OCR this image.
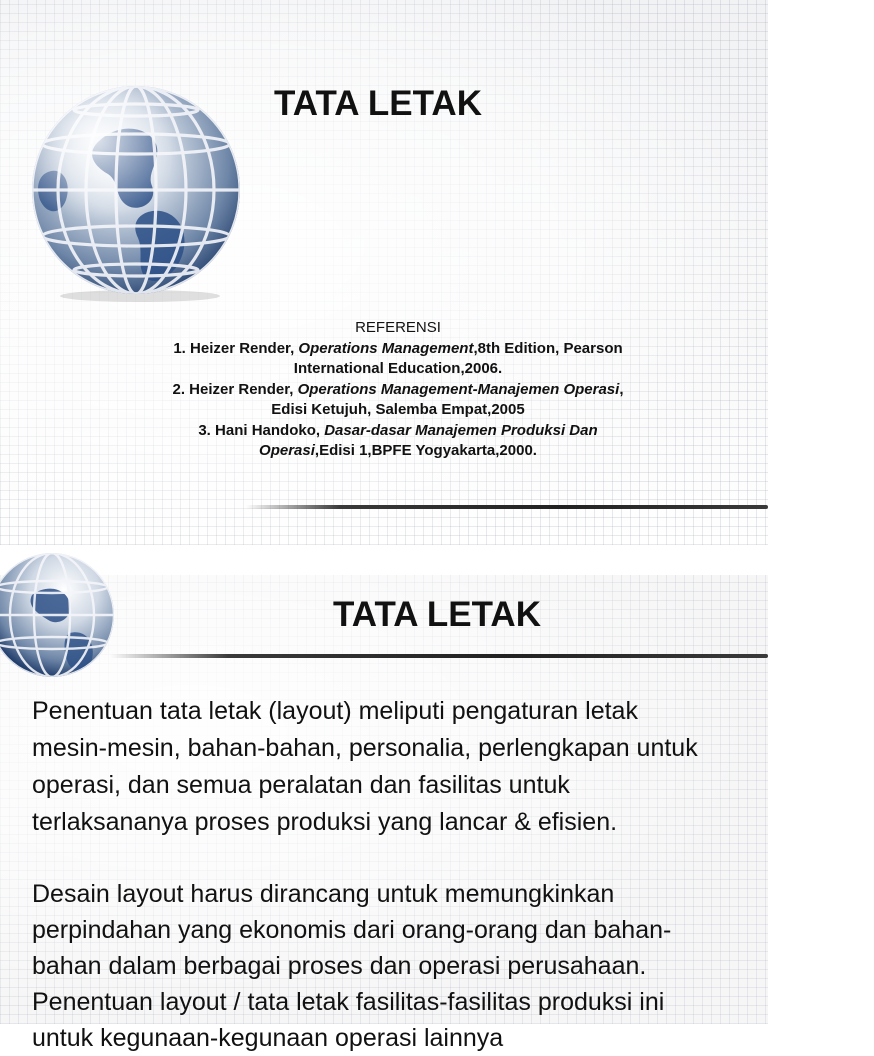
TATA LETAK
REFERENSI
1. Heizer Render, Operations Management,8th Edition, Pearson
International Education,2006.
2. Heizer Render, Operations Management-Manajemen Operasi,
Edisi Ketujuh, Salemba Empat,2005
3. Hani Handoko, Dasar-dasar Manajemen Produksi Dan
Operasi,Edisi 1,BPFE Yogyakarta,2000.
TATA LETAK

Penentuan tata letak (layout) meliputi pengaturan letak
mesin-mesin, bahan-bahan, personalia, perlengkapan untuk
operasi, dan semua peralatan dan fasilitas untuk
terlaksananya proses produksi yang lancar & efisien.

Desain layout harus dirancang untuk memungkinkan
perpindahan yang ekonomis dari orang-orang dan bahan-
bahan dalam berbagai proses dan operasi perusahaan.
Penentuan layout / tata letak fasilitas-fasilitas produksi ini
untuk kegunaan-kegunaan operasi lainnya
